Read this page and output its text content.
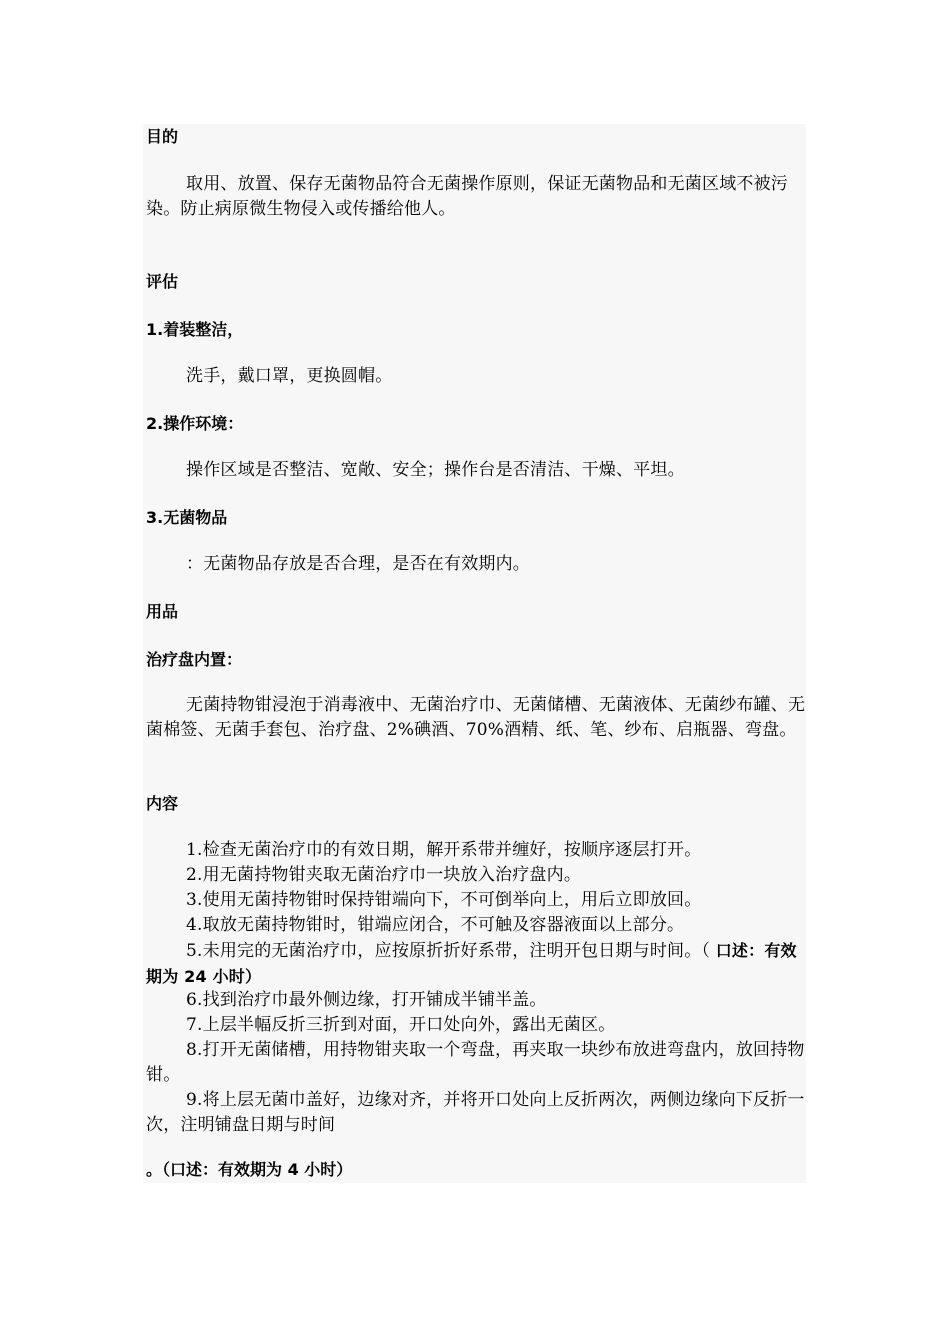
目的
取用、放置、保存无菌物品符合无菌操作原则，保证无菌物品和无菌区域不被污染。防止病原微生物侵入或传播给他人。
评估
1.着装整洁，
洗手，戴口罩，更换圆帽。
2.操作环境：
操作区域是否整洁、宽敞、安全；操作台是否清洁、干燥、平坦。
3.无菌物品
：无菌物品存放是否合理，是否在有效期内。
用品
治疗盘内置：
无菌持物钳浸泡于消毒液中、无菌治疗巾、无菌储槽、无菌液体、无菌纱布罐、无菌棉签、无菌手套包、治疗盘、2%碘酒、70%酒精、纸、笔、纱布、启瓶器、弯盘。
内容
1.检查无菌治疗巾的有效日期，解开系带并缠好，按顺序逐层打开。
2.用无菌持物钳夹取无菌治疗巾一块放入治疗盘内。
3.使用无菌持物钳时保持钳端向下，不可倒举向上，用后立即放回。
4.取放无菌持物钳时，钳端应闭合，不可触及容器液面以上部分。
5.未用完的无菌治疗巾，应按原折折好系带，注明开包日期与时间。（ 口述：有效期为 24 小时）
6.找到治疗巾最外侧边缘，打开铺成半铺半盖。
7.上层半幅反折三折到对面，开口处向外，露出无菌区。
8.打开无菌储槽，用持物钳夹取一个弯盘，再夹取一块纱布放进弯盘内，放回持物钳。
9.将上层无菌巾盖好，边缘对齐，并将开口处向上反折两次，两侧边缘向下反折一次，注明铺盘日期与时间
。（口述：有效期为 4 小时）
